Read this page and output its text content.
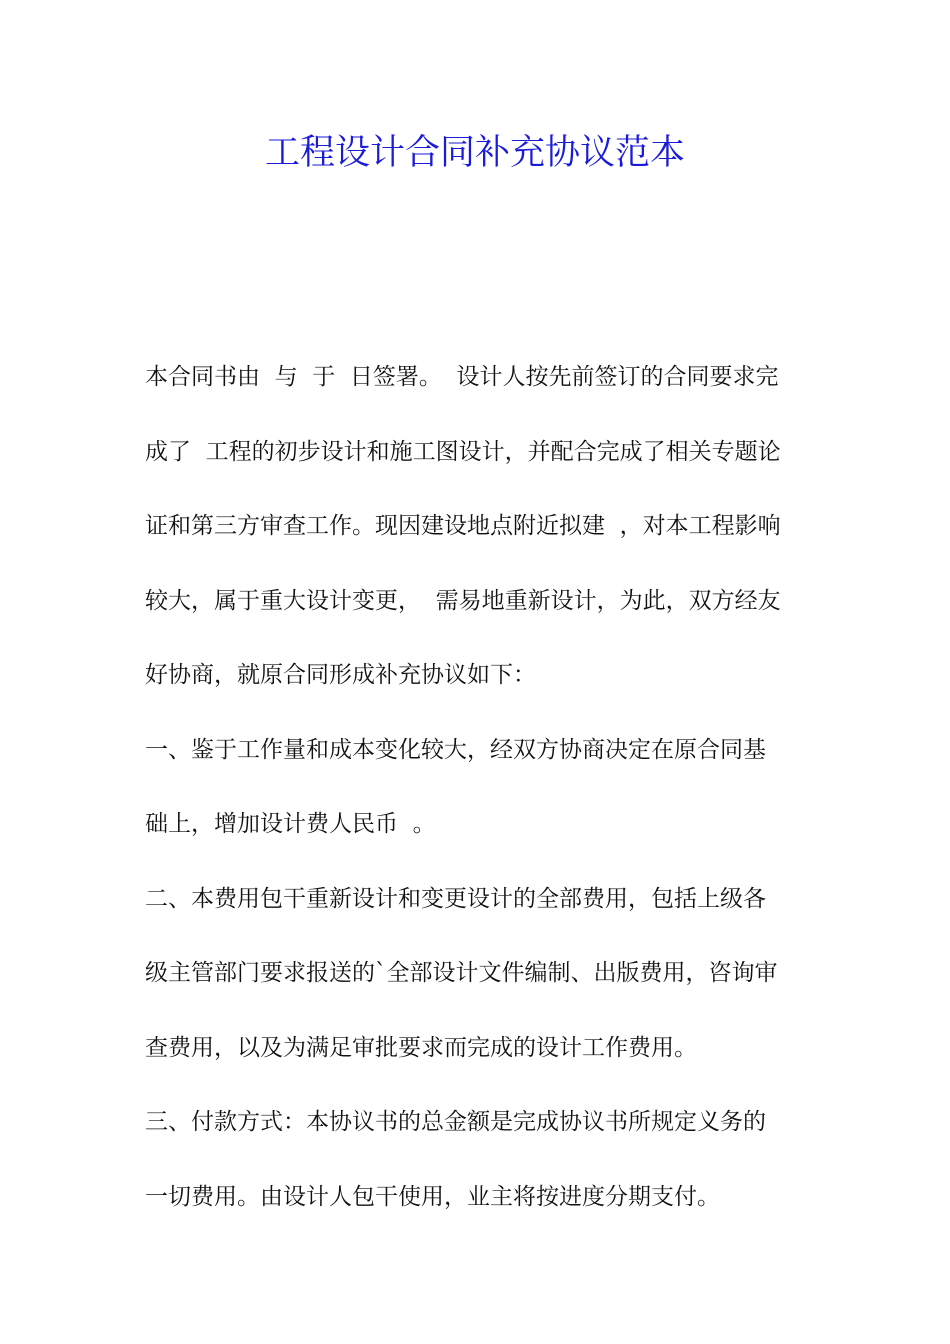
工程设计合同补充协议范本
本合同书由  与  于  日签署。  设计人按先前签订的合同要求完
成了  工程的初步设计和施工图设计，并配合完成了相关专题论
证和第三方审查工作。现因建设地点附近拟建  ，对本工程影响
较大，属于重大设计变更，  需易地重新设计，为此，双方经友
好协商，就原合同形成补充协议如下：
一、鉴于工作量和成本变化较大，经双方协商决定在原合同基
础上，增加设计费人民币  。
二、本费用包干重新设计和变更设计的全部费用，包括上级各
级主管部门要求报送的`全部设计文件编制、出版费用，咨询审
查费用，以及为满足审批要求而完成的设计工作费用。
三、付款方式：本协议书的总金额是完成协议书所规定义务的
一切费用。由设计人包干使用，业主将按进度分期支付。
